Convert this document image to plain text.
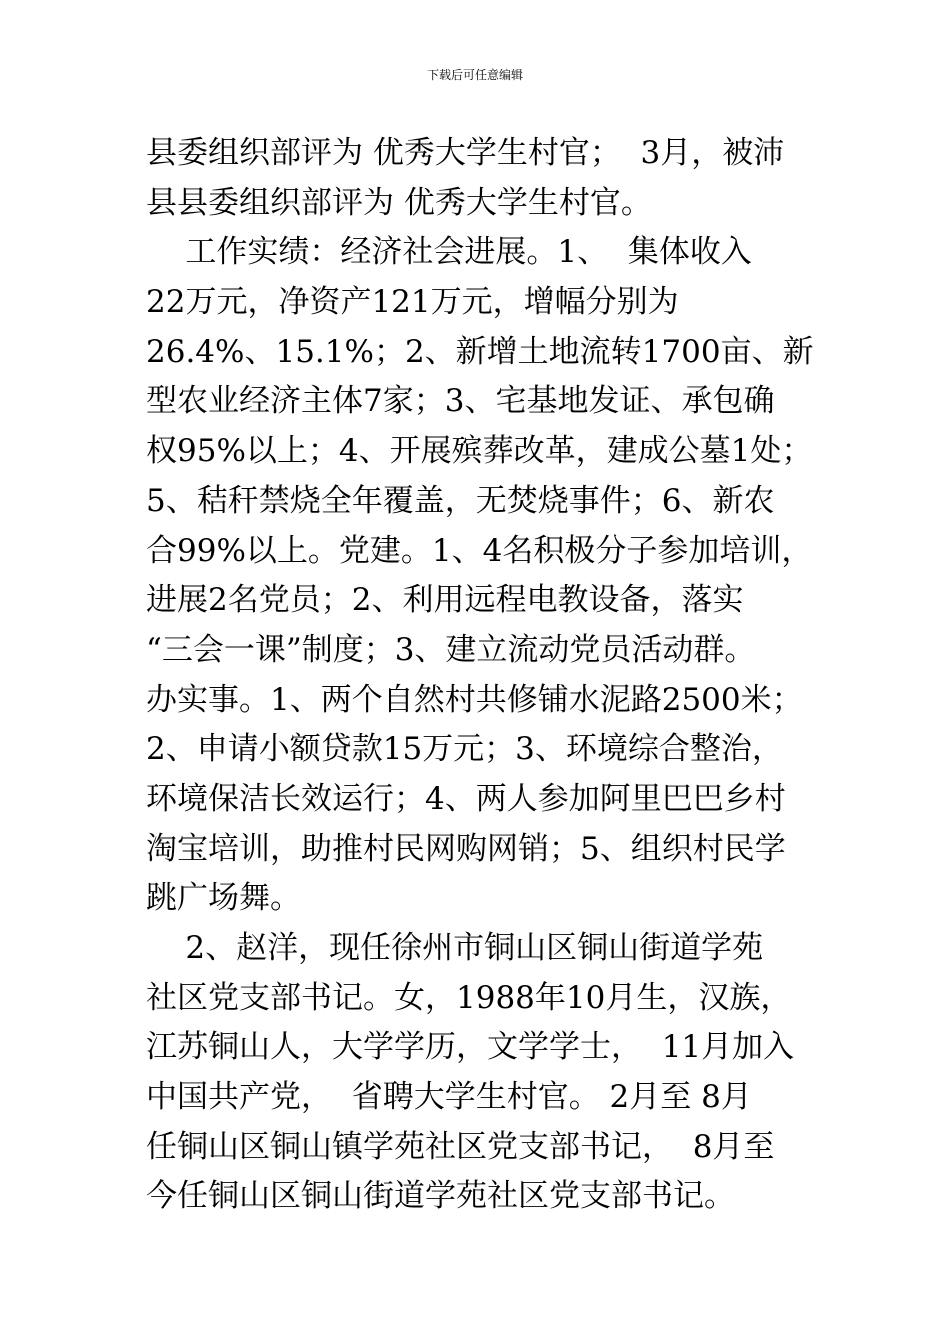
下载后可任意编辑
县委组织部评为 优秀大学生村官；  3月，被沛
县县委组织部评为 优秀大学生村官。
工作实绩：经济社会进展。1、  集体收入
22万元，净资产121万元，增幅分别为
26.4%、15.1%；2、新增土地流转1700亩、新
型农业经济主体7家；3、宅基地发证、承包确
权95%以上；4、开展殡葬改革，建成公墓1处；
5、秸秆禁烧全年覆盖，无焚烧事件；6、新农
合99%以上。党建。1、4名积极分子参加培训，
进展2名党员；2、利用远程电教设备，落实
“三会一课”制度；3、建立流动党员活动群。
办实事。1、两个自然村共修铺水泥路2500米；
2、申请小额贷款15万元；3、环境综合整治，
环境保洁长效运行；4、两人参加阿里巴巴乡村
淘宝培训，助推村民网购网销；5、组织村民学
跳广场舞。
2、赵洋，现任徐州市铜山区铜山街道学苑
社区党支部书记。女，1988年10月生，汉族，
江苏铜山人，大学学历，文学学士，  11月加入
中国共产党，  省聘大学生村官。 2月至 8月
任铜山区铜山镇学苑社区党支部书记，  8月至
今任铜山区铜山街道学苑社区党支部书记。
